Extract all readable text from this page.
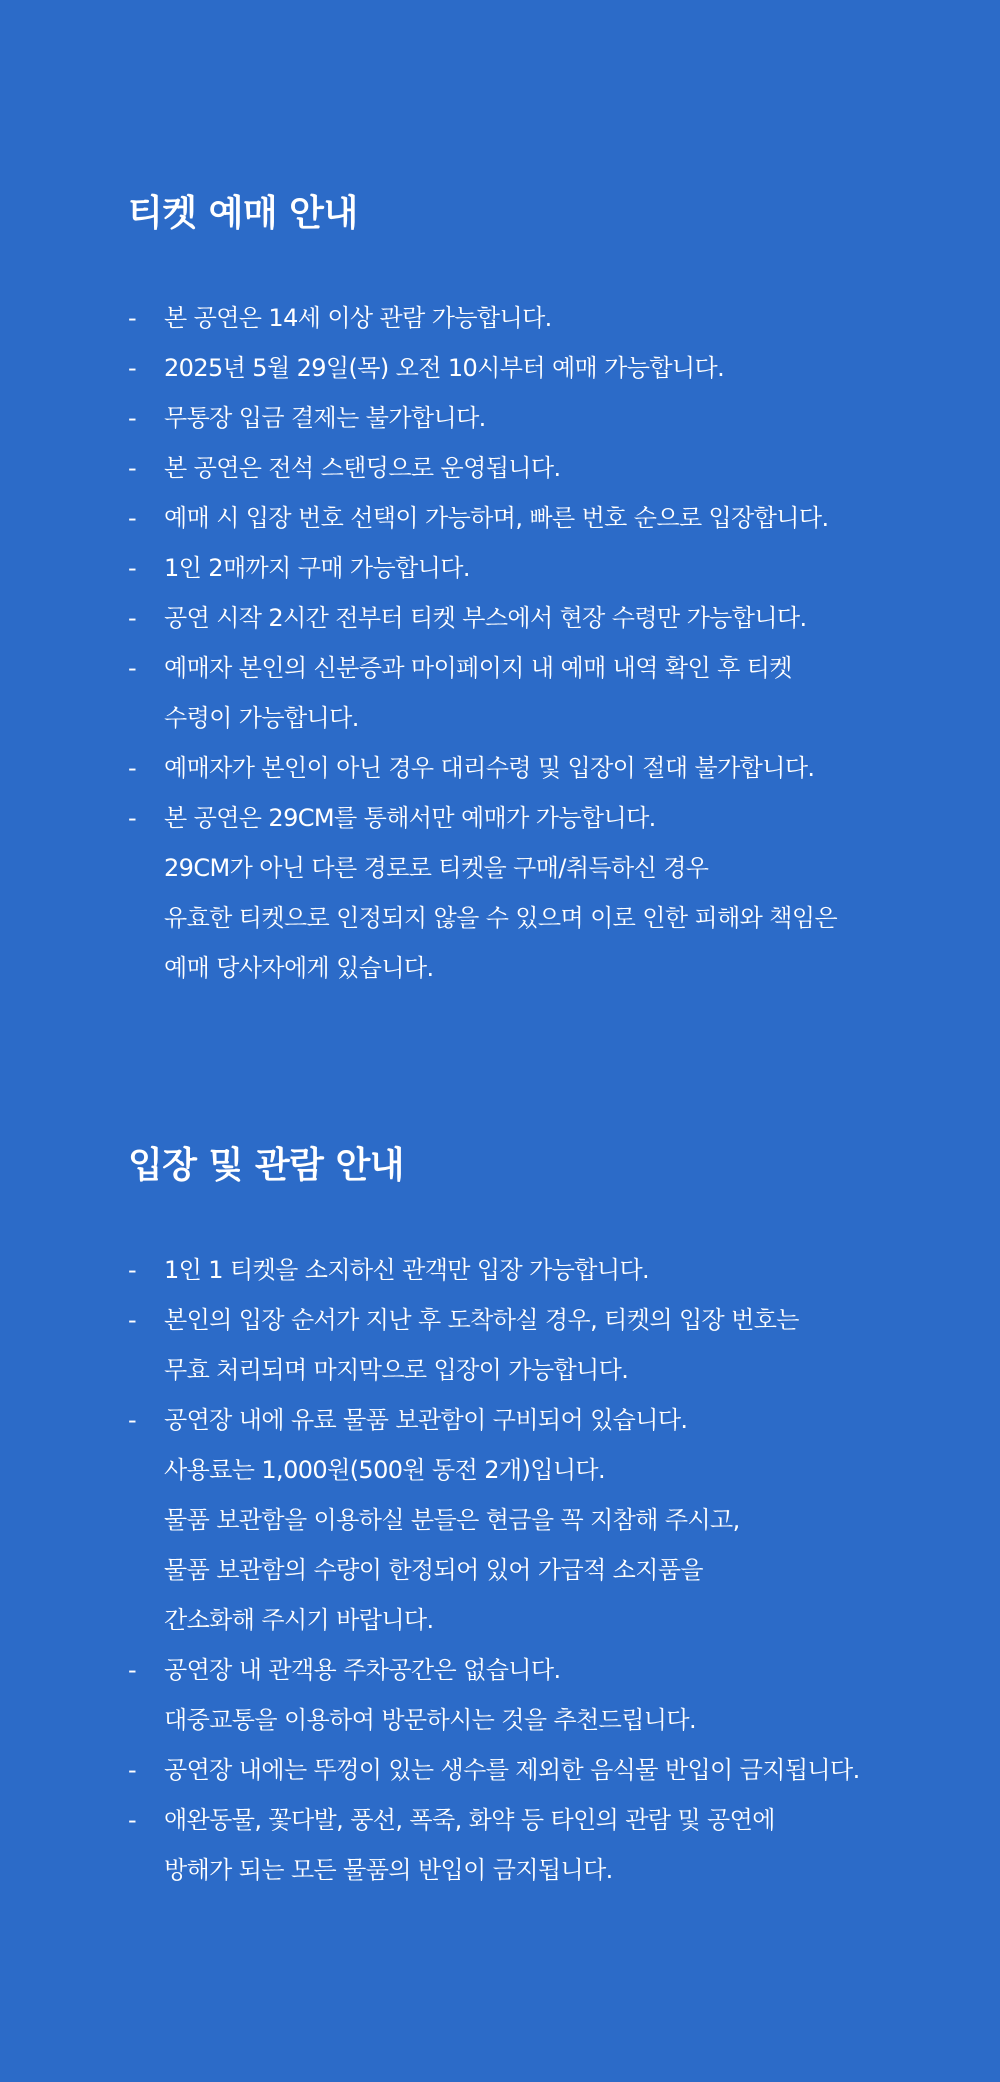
티켓 예매 안내
-	본 공연은 14세 이상 관람 가능합니다.
-	2025년 5월 29일(목) 오전 10시부터 예매 가능합니다.
-	무통장 입금 결제는 불가합니다.
-	본 공연은 전석 스탠딩으로 운영됩니다.
-	예매 시 입장 번호 선택이 가능하며, 빠른 번호 순으로 입장합니다.
-	1인 2매까지 구매 가능합니다.
-	공연 시작 2시간 전부터 티켓 부스에서 현장 수령만 가능합니다.
-	예매자 본인의 신분증과 마이페이지 내 예매 내역 확인 후 티켓
수령이 가능합니다.
-	예매자가 본인이 아닌 경우 대리수령 및 입장이 절대 불가합니다.
-	본 공연은 29CM를 통해서만 예매가 가능합니다.
29CM가 아닌 다른 경로로 티켓을 구매/취득하신 경우
유효한 티켓으로 인정되지 않을 수 있으며 이로 인한 피해와 책임은
예매 당사자에게 있습니다.
입장 및 관람 안내
-	1인 1 티켓을 소지하신 관객만 입장 가능합니다.
-	본인의 입장 순서가 지난 후 도착하실 경우, 티켓의 입장 번호는
무효 처리되며 마지막으로 입장이 가능합니다.
-	공연장 내에 유료 물품 보관함이 구비되어 있습니다.
사용료는 1,000원(500원 동전 2개)입니다.
물품 보관함을 이용하실 분들은 현금을 꼭 지참해 주시고,
물품 보관함의 수량이 한정되어 있어 가급적 소지품을
간소화해 주시기 바랍니다.
-	공연장 내 관객용 주차공간은 없습니다.
대중교통을 이용하여 방문하시는 것을 추천드립니다.
-	공연장 내에는 뚜껑이 있는 생수를 제외한 음식물 반입이 금지됩니다.
-	애완동물, 꽃다발, 풍선, 폭죽, 화약 등 타인의 관람 및 공연에
방해가 되는 모든 물품의 반입이 금지됩니다.
